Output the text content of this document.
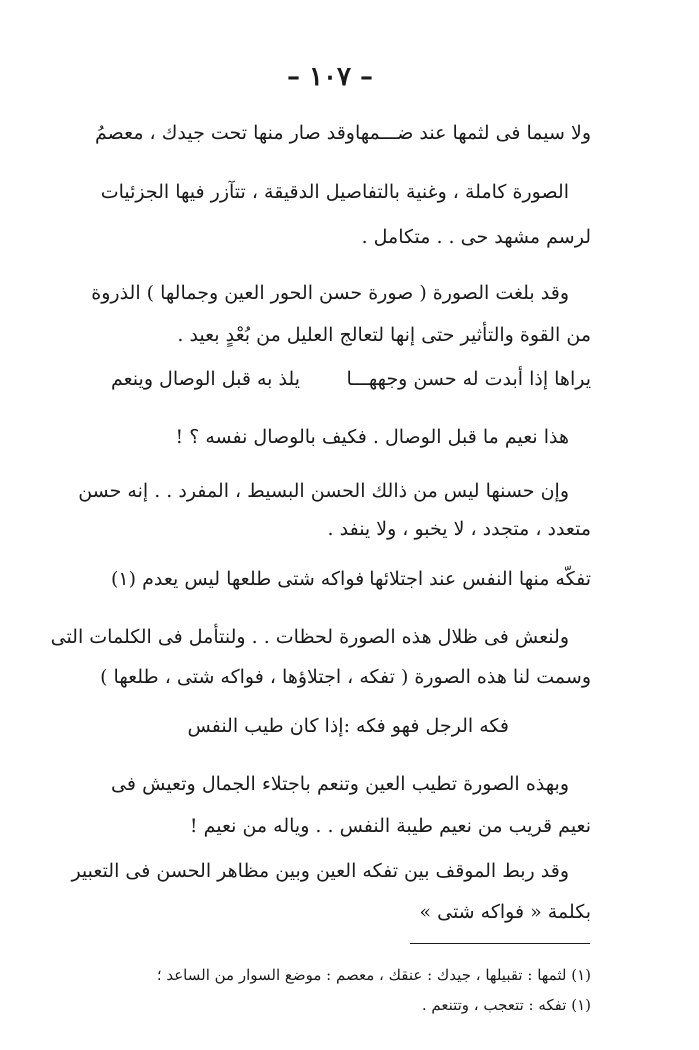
– ١٠٧ –
ولا سيما فى لثمها عند ضـــمها
وقد صار منها تحت جيدك ، معصمُ
الصورة كاملة ، وغنية بالتفاصيل الدقيقة ، تتآزر فيها الجزئيات
لرسم مشهد حى . . متكامل .
وقد بلغت الصورة ( صورة حسن الحور العين وجمالها ) الذروة
من القوة والتأثير حتى إنها لتعالج العليل من بُعْدٍ بعيد .
يراها إذا أبدت له حسن وجههـــا
يلذ به قبل الوصال وينعم
هذا نعيم ما قبل الوصال . فكيف بالوصال نفسه ؟ !
وإن حسنها ليس من ذالك الحسن البسيط ، المفرد . . إنه حسن
متعدد ، متجدد ، لا يخبو ، ولا ينفد .
تفكّه منها النفس عند اجتلائها
فواكه شتى طلعها ليس يعدم (١)
ولنعش فى ظلال هذه الصورة لحظات . . ولنتأمل فى الكلمات التى
وسمت لنا هذه الصورة ( تفكه ، اجتلاؤها ، فواكه شتى ، طلعها )
فكه الرجل فهو فكه :
إذا كان طيب النفس
وبهذه الصورة تطيب العين وتنعم باجتلاء الجمال وتعيش فى
نعيم قريب من نعيم طيبة النفس . . وياله من نعيم !
وقد ربط الموقف بين تفكه العين وبين مظاهر الحسن فى التعبير
بكلمة « فواكه شتى »
(١) لثمها : تقبيلها ، جيدك : عنقك ، معصم : موضع السوار من الساعد ؛
(١) تفكه : تتعجب ، وتتنعم .
